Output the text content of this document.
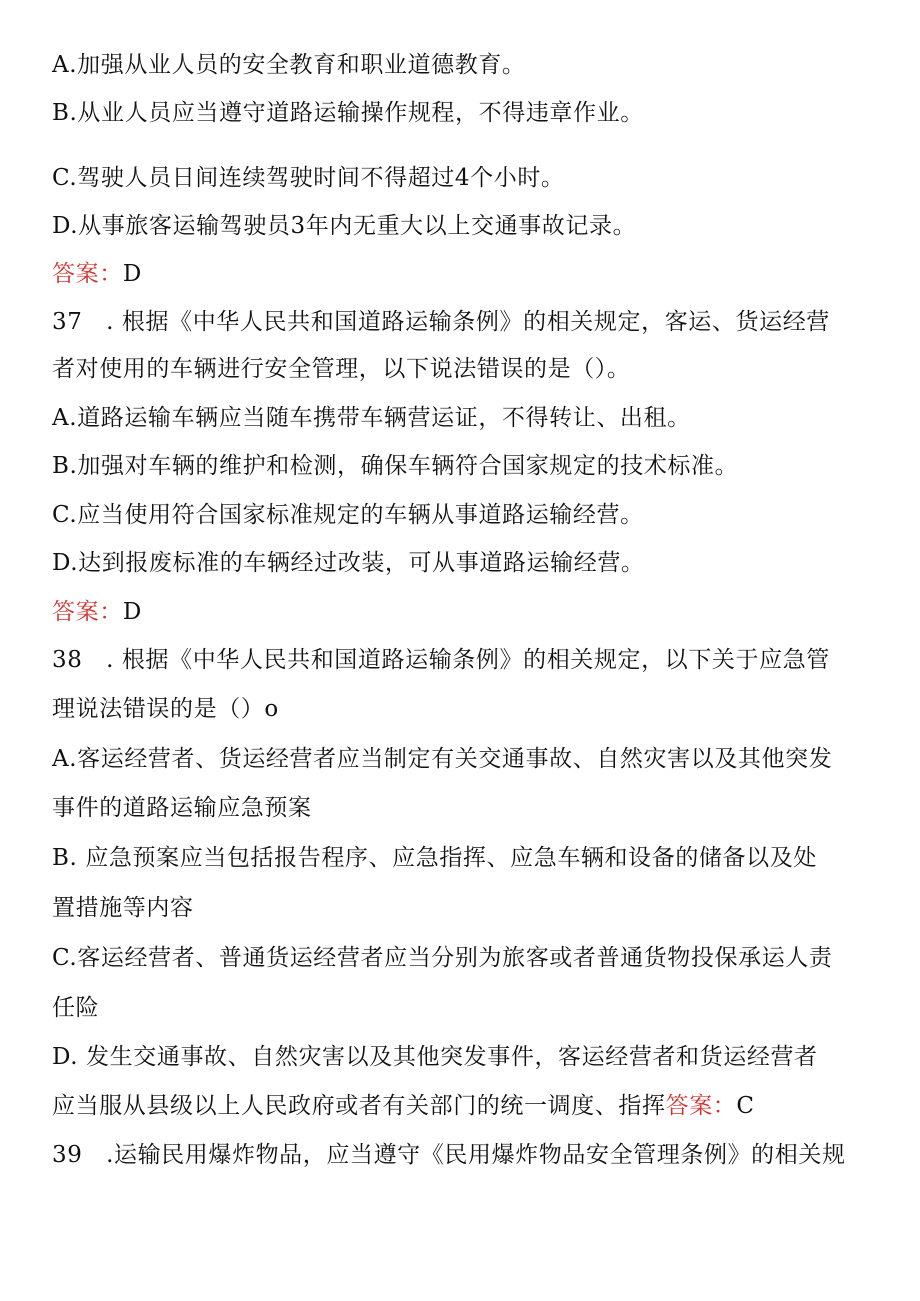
A.加强从业人员的安全教育和职业道德教育。
B.从业人员应当遵守道路运输操作规程，不得违章作业。
C.驾驶人员日间连续驾驶时间不得超过4个小时。
D.从事旅客运输驾驶员3年内无重大以上交通事故记录。
答案：D
37　. 根据《中华人民共和国道路运输条例》的相关规定，客运、货运经营
者对使用的车辆进行安全管理，以下说法错误的是（）。
A.道路运输车辆应当随车携带车辆营运证，不得转让、出租。
B.加强对车辆的维护和检测，确保车辆符合国家规定的技术标准。
C.应当使用符合国家标准规定的车辆从事道路运输经营。
D.达到报废标准的车辆经过改装，可从事道路运输经营。
答案：D
38　. 根据《中华人民共和国道路运输条例》的相关规定，以下关于应急管
理说法错误的是（）o
A.客运经营者、货运经营者应当制定有关交通事故、自然灾害以及其他突发
事件的道路运输应急预案
B. 应急预案应当包括报告程序、应急指挥、应急车辆和设备的储备以及处
置措施等内容
C.客运经营者、普通货运经营者应当分别为旅客或者普通货物投保承运人责
任险
D. 发生交通事故、自然灾害以及其他突发事件，客运经营者和货运经营者
应当服从县级以上人民政府或者有关部门的统一调度、指挥答案：C
39　.运输民用爆炸物品，应当遵守《民用爆炸物品安全管理条例》的相关规
